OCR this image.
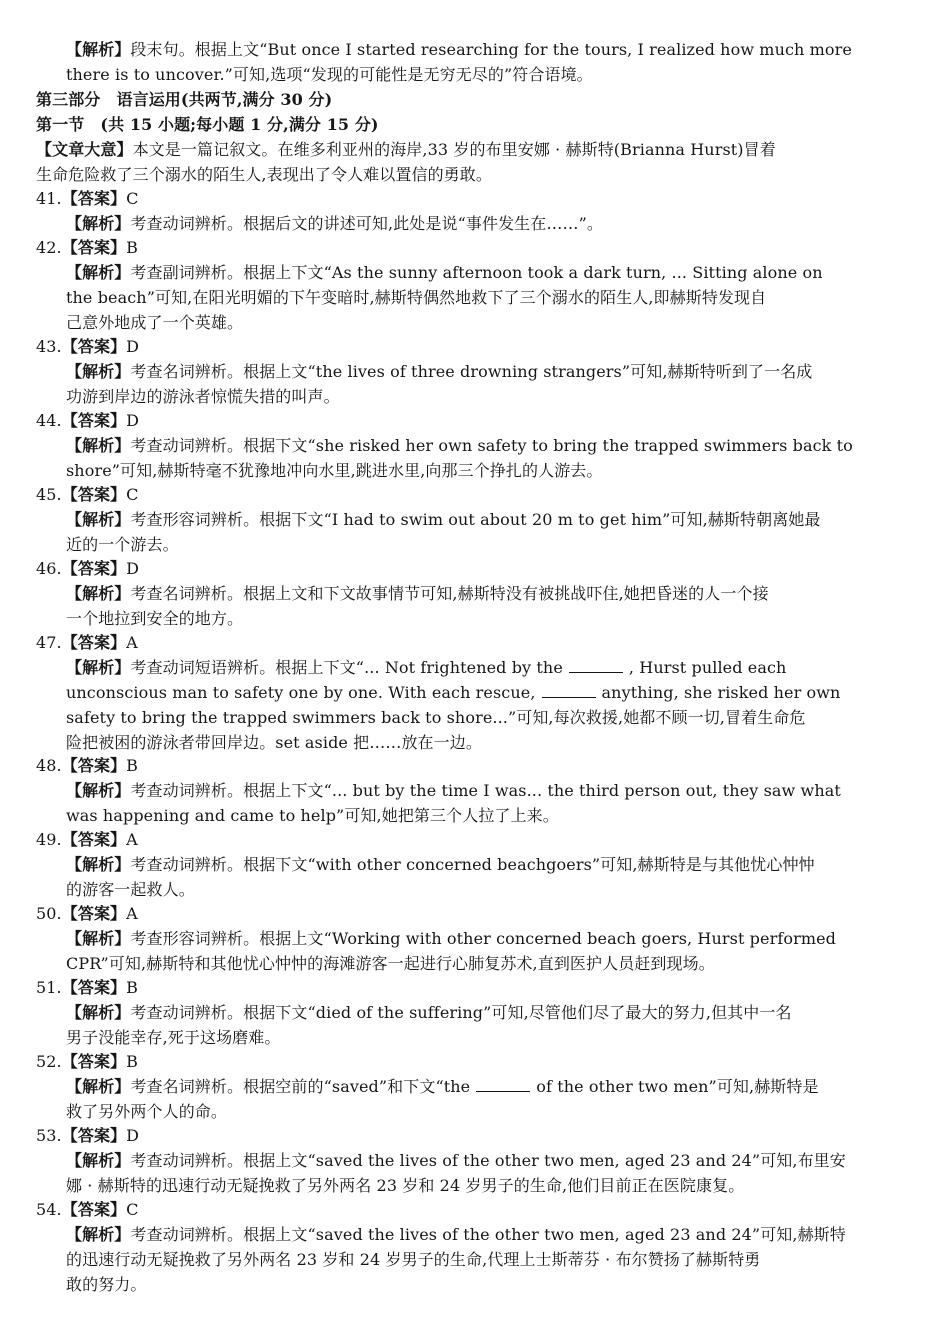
【解析】段末句。根据上文“But once I started researching for the tours, I realized how much more
there is to uncover.”可知,选项“发现的可能性是无穷无尽的”符合语境。
第三部分　语言运用(共两节,满分 30 分)
第一节　(共 15 小题;每小题 1 分,满分 15 分)
【文章大意】本文是一篇记叙文。在维多利亚州的海岸,33 岁的布里安娜 · 赫斯特(Brianna Hurst)冒着
生命危险救了三个溺水的陌生人,表现出了令人难以置信的勇敢。
41.【答案】C
【解析】考查动词辨析。根据后文的讲述可知,此处是说“事件发生在……”。
42.【答案】B
【解析】考查副词辨析。根据上下文“As the sunny afternoon took a dark turn, ... Sitting alone on
the beach”可知,在阳光明媚的下午变暗时,赫斯特偶然地救下了三个溺水的陌生人,即赫斯特发现自
己意外地成了一个英雄。
43.【答案】D
【解析】考查名词辨析。根据上文“the lives of three drowning strangers”可知,赫斯特听到了一名成
功游到岸边的游泳者惊慌失措的叫声。
44.【答案】D
【解析】考查动词辨析。根据下文“she risked her own safety to bring the trapped swimmers back to
shore”可知,赫斯特毫不犹豫地冲向水里,跳进水里,向那三个挣扎的人游去。
45.【答案】C
【解析】考查形容词辨析。根据下文“I had to swim out about 20 m to get him”可知,赫斯特朝离她最
近的一个游去。
46.【答案】D
【解析】考查名词辨析。根据上文和下文故事情节可知,赫斯特没有被挑战吓住,她把昏迷的人一个接
一个地拉到安全的地方。
47.【答案】A
【解析】考查动词短语辨析。根据上下文“... Not frightened by the	, Hurst pulled each
unconscious man to safety one by one. With each rescue,	anything, she risked her own
safety to bring the trapped swimmers back to shore...”可知,每次救援,她都不顾一切,冒着生命危
险把被困的游泳者带回岸边。set aside 把……放在一边。
48.【答案】B
【解析】考查动词辨析。根据上下文“... but by the time I was... the third person out, they saw what
was happening and came to help”可知,她把第三个人拉了上来。
49.【答案】A
【解析】考查动词辨析。根据下文“with other concerned beachgoers”可知,赫斯特是与其他忧心忡忡
的游客一起救人。
50.【答案】A
【解析】考查形容词辨析。根据上文“Working with other concerned beach goers, Hurst performed
CPR”可知,赫斯特和其他忧心忡忡的海滩游客一起进行心肺复苏术,直到医护人员赶到现场。
51.【答案】B
【解析】考查动词辨析。根据下文“died of the suffering”可知,尽管他们尽了最大的努力,但其中一名
男子没能幸存,死于这场磨难。
52.【答案】B
【解析】考查名词辨析。根据空前的“saved”和下文“the	of the other two men”可知,赫斯特是
救了另外两个人的命。
53.【答案】D
【解析】考查动词辨析。根据上文“saved the lives of the other two men, aged 23 and 24”可知,布里安
娜 · 赫斯特的迅速行动无疑挽救了另外两名 23 岁和 24 岁男子的生命,他们目前正在医院康复。
54.【答案】C
【解析】考查动词辨析。根据上文“saved the lives of the other two men, aged 23 and 24”可知,赫斯特
的迅速行动无疑挽救了另外两名 23 岁和 24 岁男子的生命,代理上士斯蒂芬 · 布尔赞扬了赫斯特勇
敢的努力。
